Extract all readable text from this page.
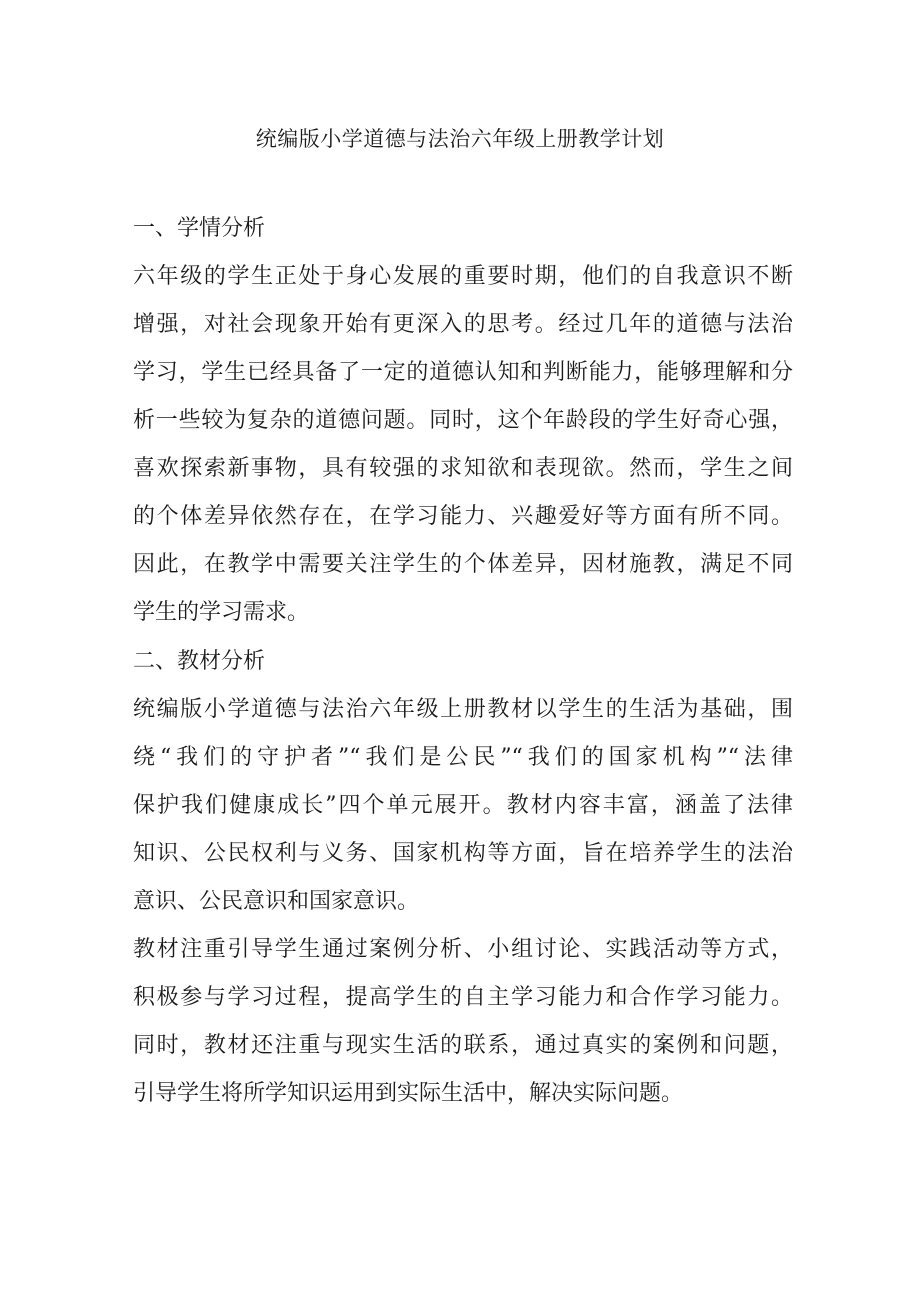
统编版小学道德与法治六年级上册教学计划
一、学情分析
六年级的学生正处于身心发展的重要时期，他们的自我意识不断
增强，对社会现象开始有更深入的思考。经过几年的道德与法治
学习，学生已经具备了一定的道德认知和判断能力，能够理解和分
析一些较为复杂的道德问题。同时，这个年龄段的学生好奇心强，
喜欢探索新事物，具有较强的求知欲和表现欲。然而，学生之间
的个体差异依然存在，在学习能力、兴趣爱好等方面有所不同。
因此，在教学中需要关注学生的个体差异，因材施教，满足不同
学生的学习需求。
二、教材分析
统编版小学道德与法治六年级上册教材以学生的生活为基础，围
绕“我们的守护者”“我们是公民”“我们的国家机构”“法律
保护我们健康成长”四个单元展开。教材内容丰富，涵盖了法律
知识、公民权利与义务、国家机构等方面，旨在培养学生的法治
意识、公民意识和国家意识。
教材注重引导学生通过案例分析、小组讨论、实践活动等方式，
积极参与学习过程，提高学生的自主学习能力和合作学习能力。
同时，教材还注重与现实生活的联系，通过真实的案例和问题，
引导学生将所学知识运用到实际生活中，解决实际问题。
